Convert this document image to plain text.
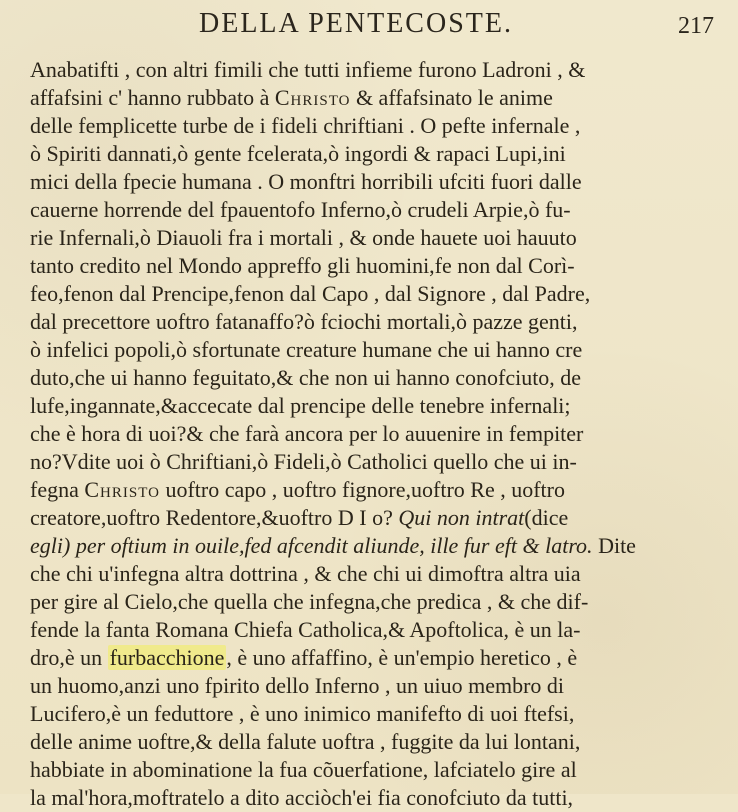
DELLA PENTECOSTE.	217
Anabatifti , con altri fimili che tutti infieme furono Ladroni , &
affafsini c' hanno rubbato à Christo & affafsinato le anime
delle femplicette turbe de i fideli chriftiani . O pefte infernale ,
ò Spiriti dannati,ò gente fcelerata,ò ingordi & rapaci Lupi,ini
mici della fpecie humana . O monftri horribili ufciti fuori dalle
cauerne horrende del fpauentofo Inferno,ò crudeli Arpie,ò fu-
rie Infernali,ò Diauoli fra i mortali , & onde hauete uoi hauuto
tanto credito nel Mondo appreffo gli huomini,fe non dal Corì-
feo,fenon dal Prencipe,fenon dal Capo , dal Signore , dal Padre,
dal precettore uoftro fatanaffo?ò fciochi mortali,ò pazze genti,
ò infelici popoli,ò sfortunate creature humane che ui hanno cre
duto,che ui hanno feguitato,& che non ui hanno conofciuto, de
lufe,ingannate,&accecate dal prencipe delle tenebre infernali;
che è hora di uoi?& che farà ancora per lo auuenire in fempiter
no?Vdite uoi ò Chriftiani,ò Fideli,ò Catholici quello che ui in-
fegna Christo uoftro capo , uoftro fignore,uoftro Re , uoftro
creatore,uoftro Redentore,&uoftro D I o? Qui non intrat(dice
egli) per oftium in ouile,fed afcendit aliunde, ille fur eft & latro. Dite
che chi u'infegna altra dottrina , & che chi ui dimoftra altra uia
per gire al Cielo,che quella che infegna,che predica , & che dif-
fende la fanta Romana Chiefa Catholica,& Apoftolica, è un la-
dro,è un furbacchione, è uno affaffino, è un'empio heretico , è
un huomo,anzi uno fpirito dello Inferno , un uiuo membro di
Lucifero,è un feduttore , è uno inimico manifefto di uoi ftefsi,
delle anime uoftre,& della falute uoftra , fuggite da lui lontani,
habbiate in abominatione la fua cõuerfatione, lafciatelo gire al
la mal'hora,moftratelo a dito acciòch'ei fia conofciuto da tutti,
